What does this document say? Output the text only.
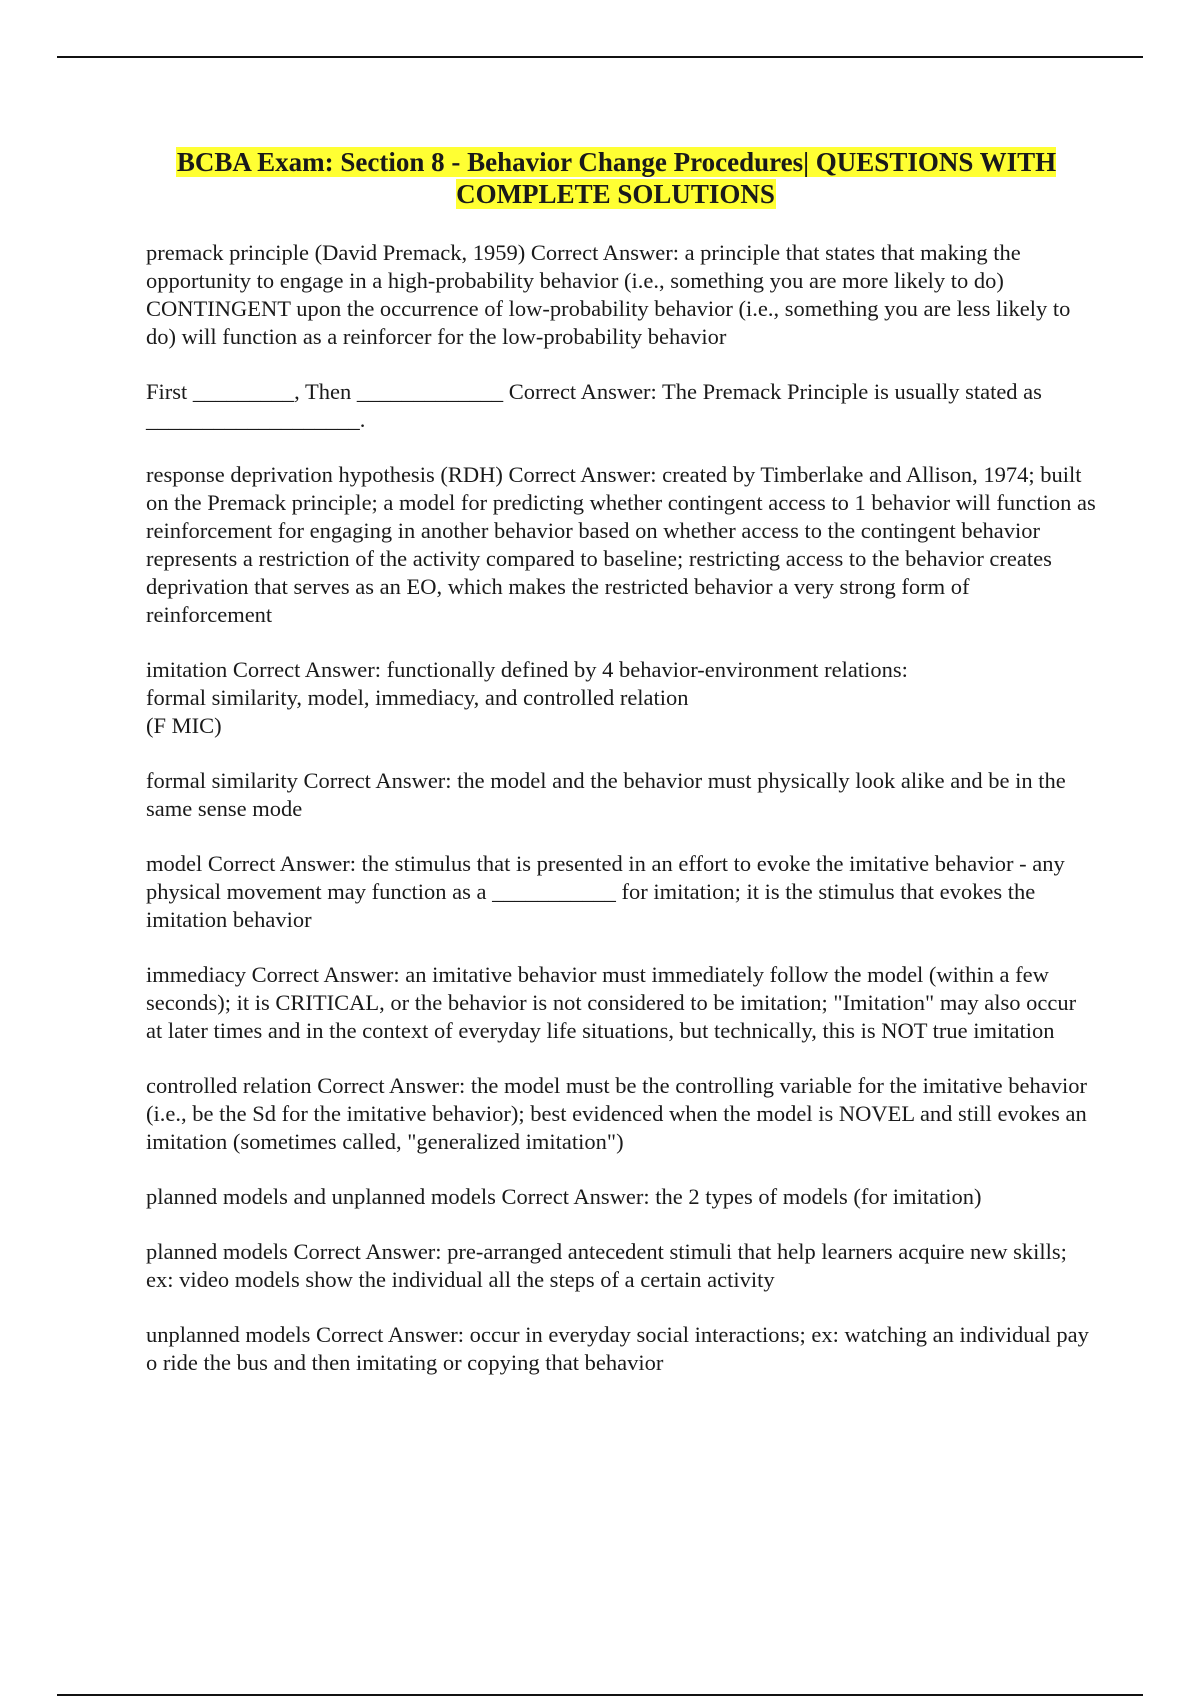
BCBA Exam: Section 8 - Behavior Change Procedures| QUESTIONS WITH COMPLETE SOLUTIONS

premack principle (David Premack, 1959) Correct Answer: a principle that states that making the opportunity to engage in a high-probability behavior (i.e., something you are more likely to do) CONTINGENT upon the occurrence of low-probability behavior (i.e., something you are less likely to do) will function as a reinforcer for the low-probability behavior

First _________, Then _____________ Correct Answer: The Premack Principle is usually stated as ___________________.

response deprivation hypothesis (RDH) Correct Answer: created by Timberlake and Allison, 1974; built on the Premack principle; a model for predicting whether contingent access to 1 behavior will function as reinforcement for engaging in another behavior based on whether access to the contingent behavior represents a restriction of the activity compared to baseline; restricting access to the behavior creates deprivation that serves as an EO, which makes the restricted behavior a very strong form of reinforcement

imitation Correct Answer: functionally defined by 4 behavior-environment relations:
formal similarity, model, immediacy, and controlled relation
(F MIC)

formal similarity Correct Answer: the model and the behavior must physically look alike and be in the same sense mode

model Correct Answer: the stimulus that is presented in an effort to evoke the imitative behavior - any physical movement may function as a ___________ for imitation; it is the stimulus that evokes the imitation behavior

immediacy Correct Answer: an imitative behavior must immediately follow the model (within a few seconds); it is CRITICAL, or the behavior is not considered to be imitation; "Imitation" may also occur at later times and in the context of everyday life situations, but technically, this is NOT true imitation

controlled relation Correct Answer: the model must be the controlling variable for the imitative behavior (i.e., be the Sd for the imitative behavior); best evidenced when the model is NOVEL and still evokes an imitation (sometimes called, "generalized imitation")

planned models and unplanned models Correct Answer: the 2 types of models (for imitation)

planned models Correct Answer: pre-arranged antecedent stimuli that help learners acquire new skills; ex: video models show the individual all the steps of a certain activity

unplanned models Correct Answer: occur in everyday social interactions; ex: watching an individual pay o ride the bus and then imitating or copying that behavior
